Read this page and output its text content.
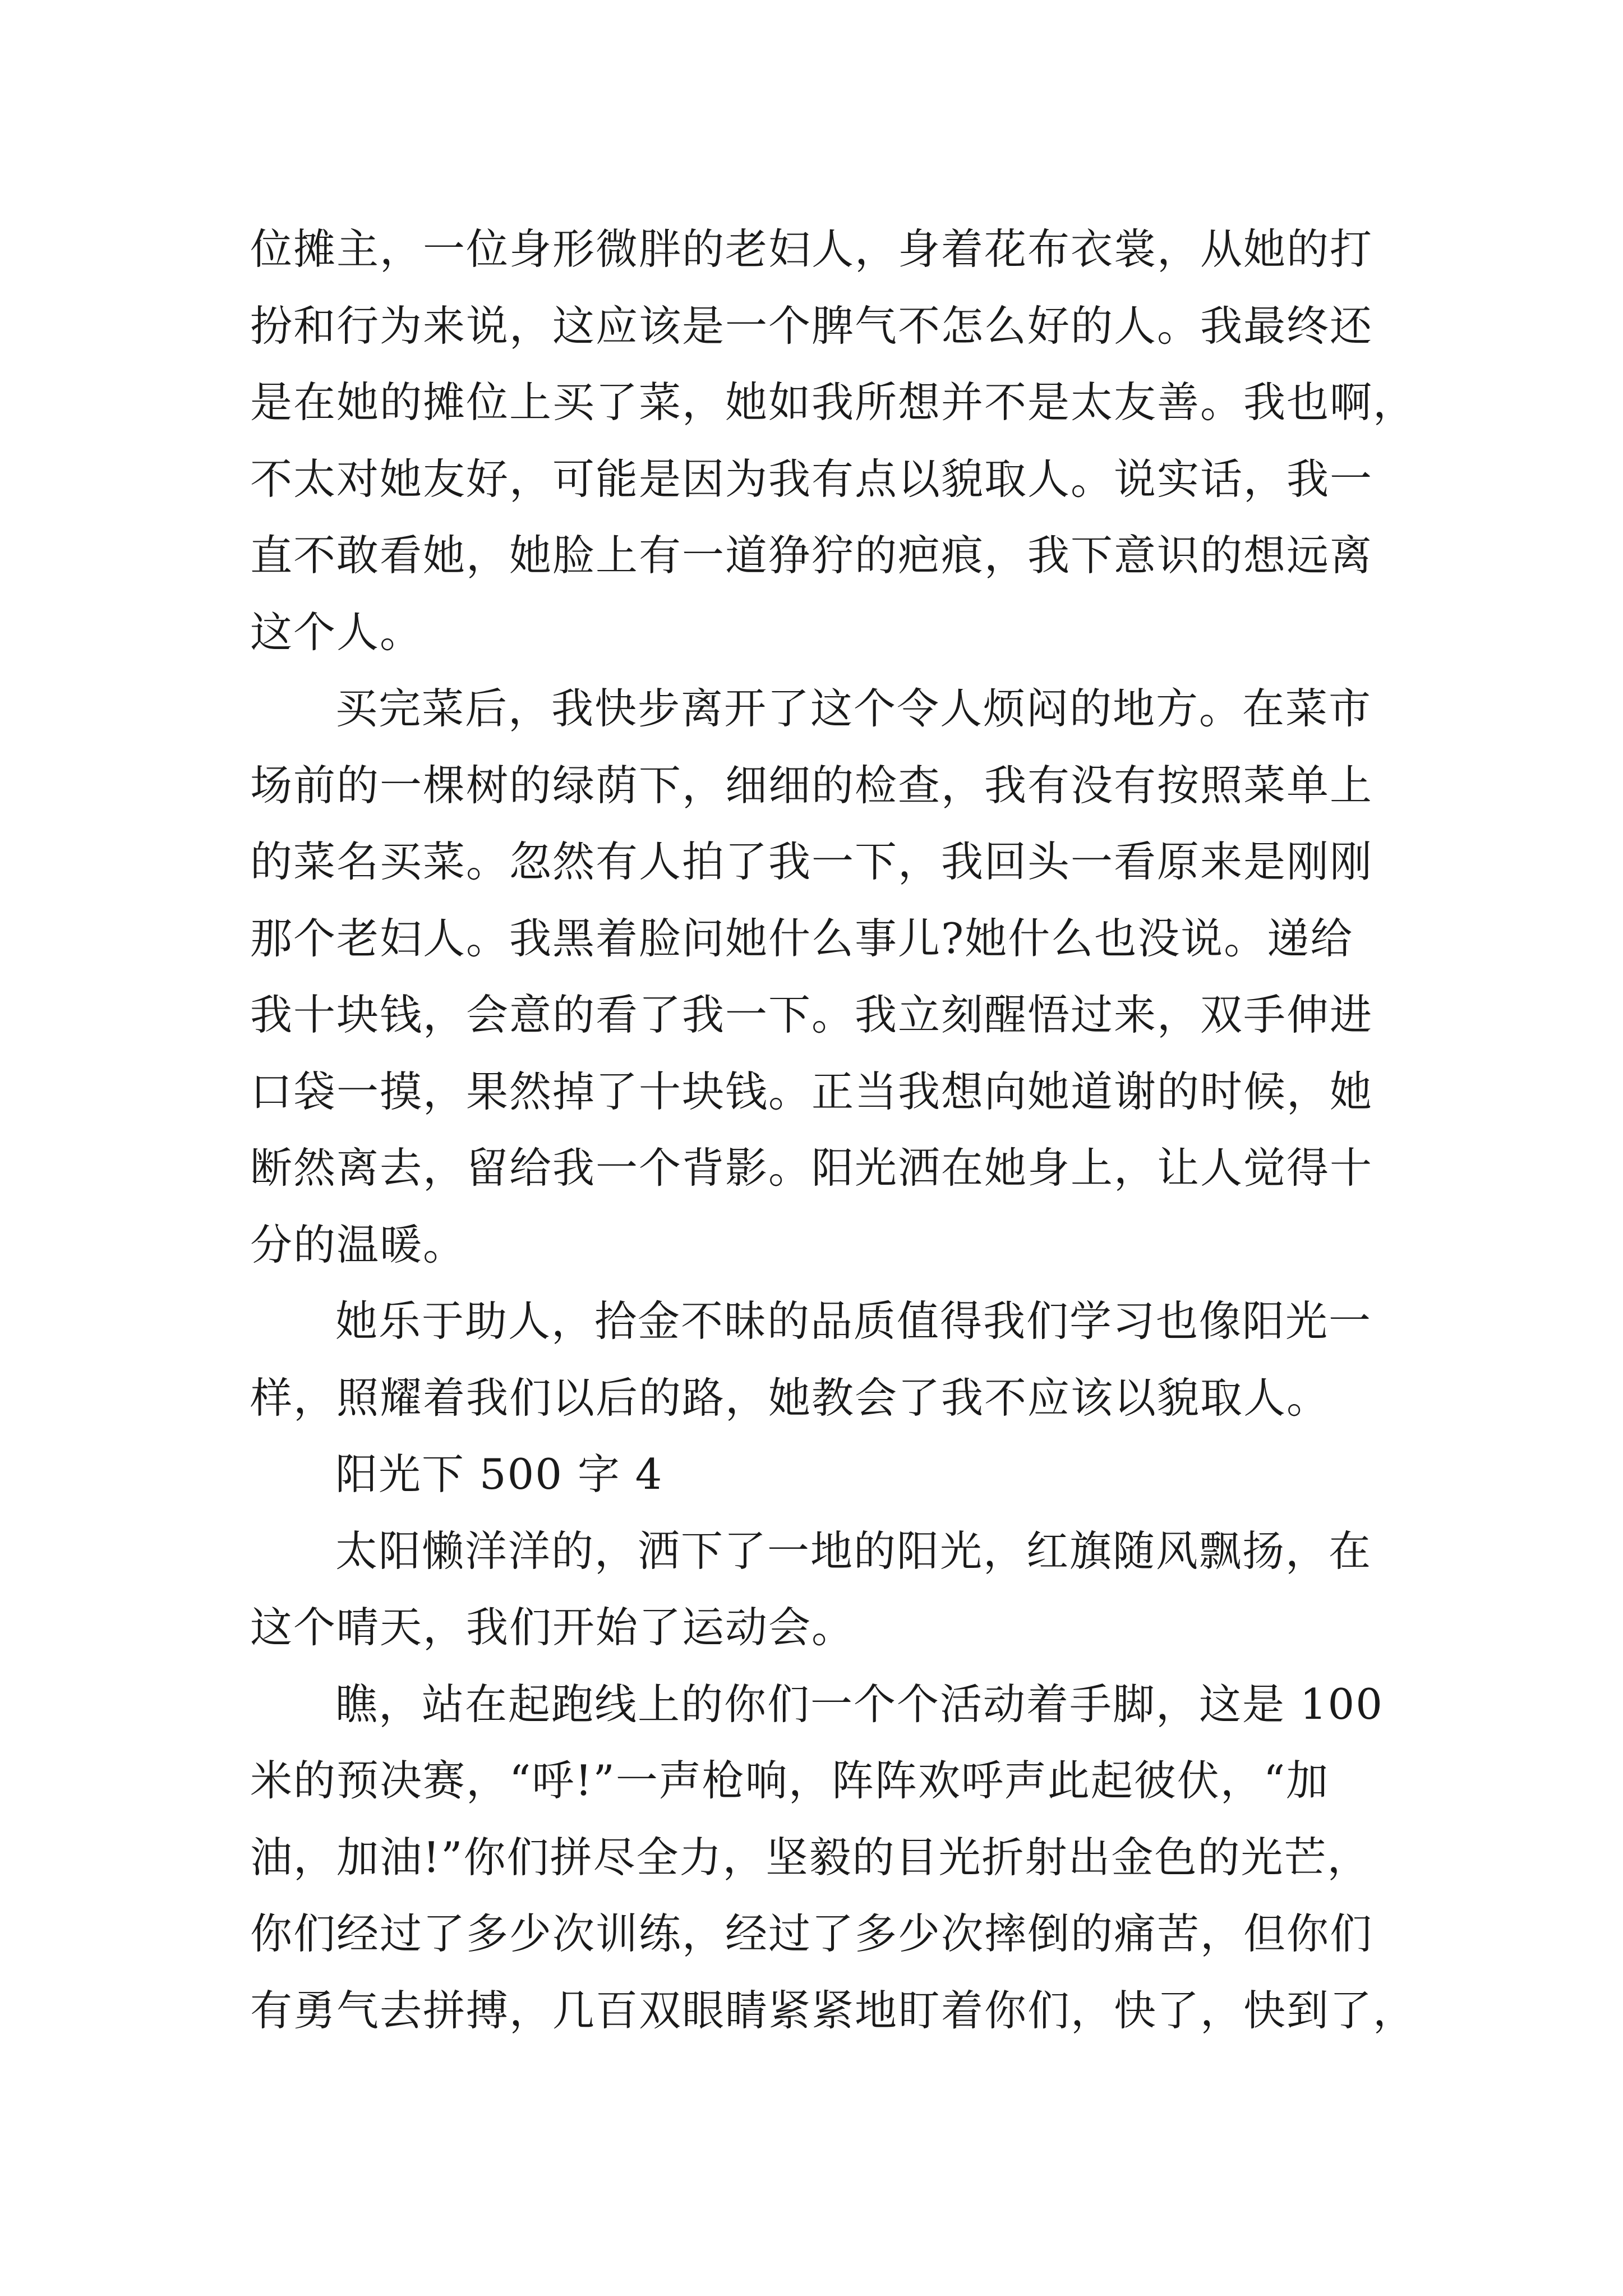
位摊主，一位身形微胖的老妇人，身着花布衣裳，从她的打
扮和行为来说，这应该是一个脾气不怎么好的人。我最终还
是在她的摊位上买了菜，她如我所想并不是太友善。我也啊，
不太对她友好，可能是因为我有点以貌取人。说实话，我一
直不敢看她，她脸上有一道狰狞的疤痕，我下意识的想远离
这个人。
买完菜后，我快步离开了这个令人烦闷的地方。在菜市
场前的一棵树的绿荫下，细细的检查，我有没有按照菜单上
的菜名买菜。忽然有人拍了我一下，我回头一看原来是刚刚
那个老妇人。我黑着脸问她什么事儿?她什么也没说。递给
我十块钱，会意的看了我一下。我立刻醒悟过来，双手伸进
口袋一摸，果然掉了十块钱。正当我想向她道谢的时候，她
断然离去，留给我一个背影。阳光洒在她身上，让人觉得十
分的温暖。
她乐于助人，拾金不昧的品质值得我们学习也像阳光一
样，照耀着我们以后的路，她教会了我不应该以貌取人。
阳光下 500 字 4
太阳懒洋洋的，洒下了一地的阳光，红旗随风飘扬，在
这个晴天，我们开始了运动会。
瞧，站在起跑线上的你们一个个活动着手脚，这是 100
米的预决赛，“呼!”一声枪响，阵阵欢呼声此起彼伏，“加
油，加油!”你们拼尽全力，坚毅的目光折射出金色的光芒，
你们经过了多少次训练，经过了多少次摔倒的痛苦，但你们
有勇气去拼搏，几百双眼睛紧紧地盯着你们，快了，快到了，
